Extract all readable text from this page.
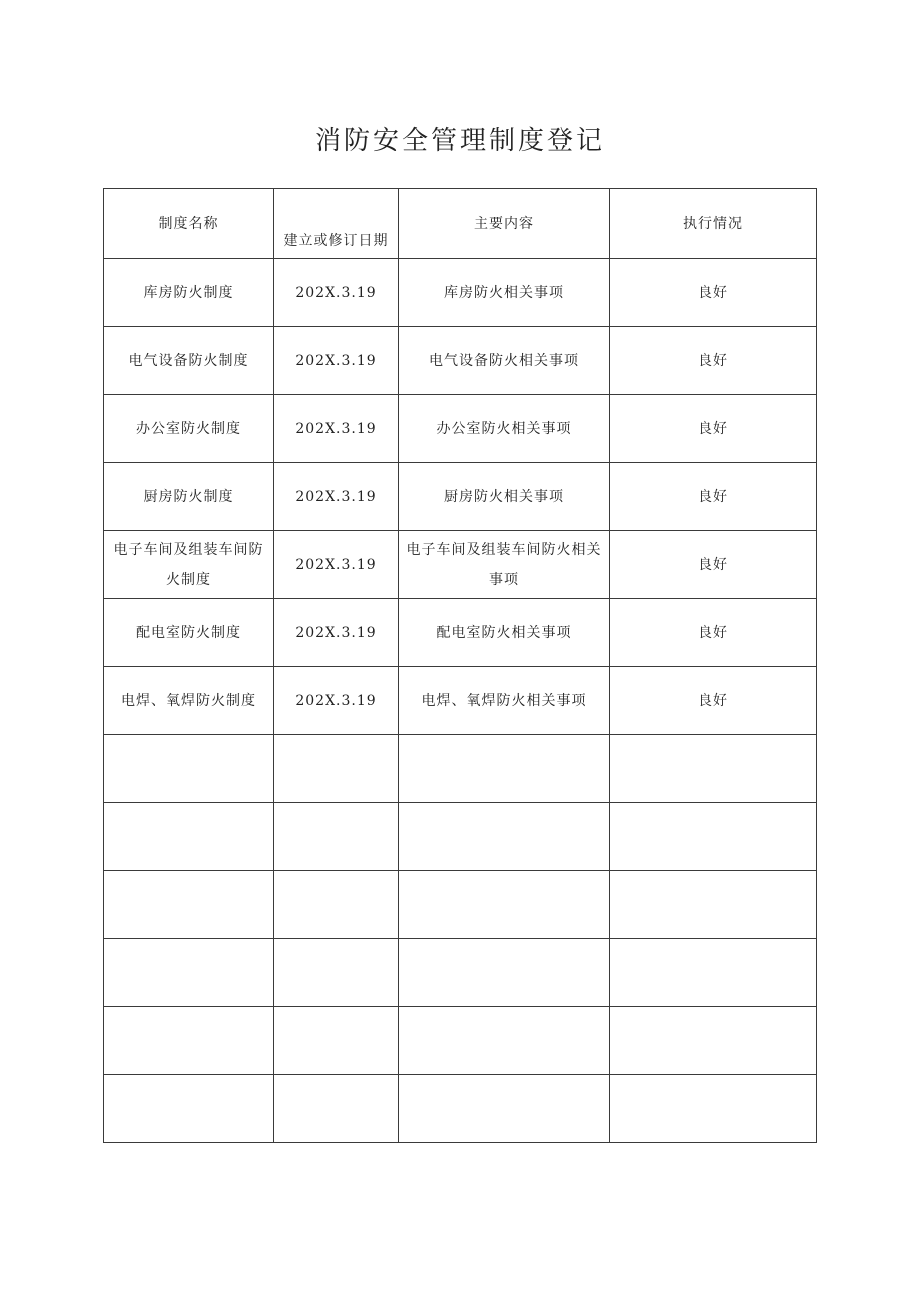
消防安全管理制度登记
制度名称	建立或修订日期	主要内容	执行情况
库房防火制度	202X.3.19	库房防火相关事项	良好
电气设备防火制度	202X.3.19	电气设备防火相关事项	良好
办公室防火制度	202X.3.19	办公室防火相关事项	良好
厨房防火制度	202X.3.19	厨房防火相关事项	良好
电子车间及组装车间防火制度	202X.3.19	电子车间及组装车间防火相关事项	良好
配电室防火制度	202X.3.19	配电室防火相关事项	良好
电焊、氧焊防火制度	202X.3.19	电焊、氧焊防火相关事项	良好
